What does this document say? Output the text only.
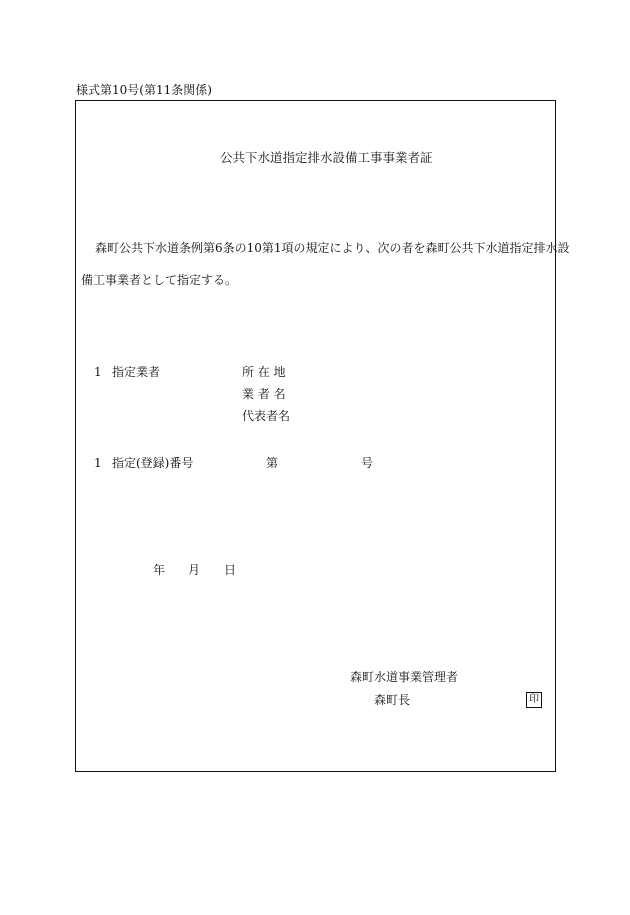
様式第10号(第11条関係)
公共下水道指定排水設備工事事業者証
森町公共下水道条例第6条の10第1項の規定により、次の者を森町公共下水道指定排水設
備工事業者として指定する。
1 指定業者	所 在 地
業 者 名
代表者名
1 指定(登録)番号	第	号
年 月 日
森町水道事業管理者
森町長	印
